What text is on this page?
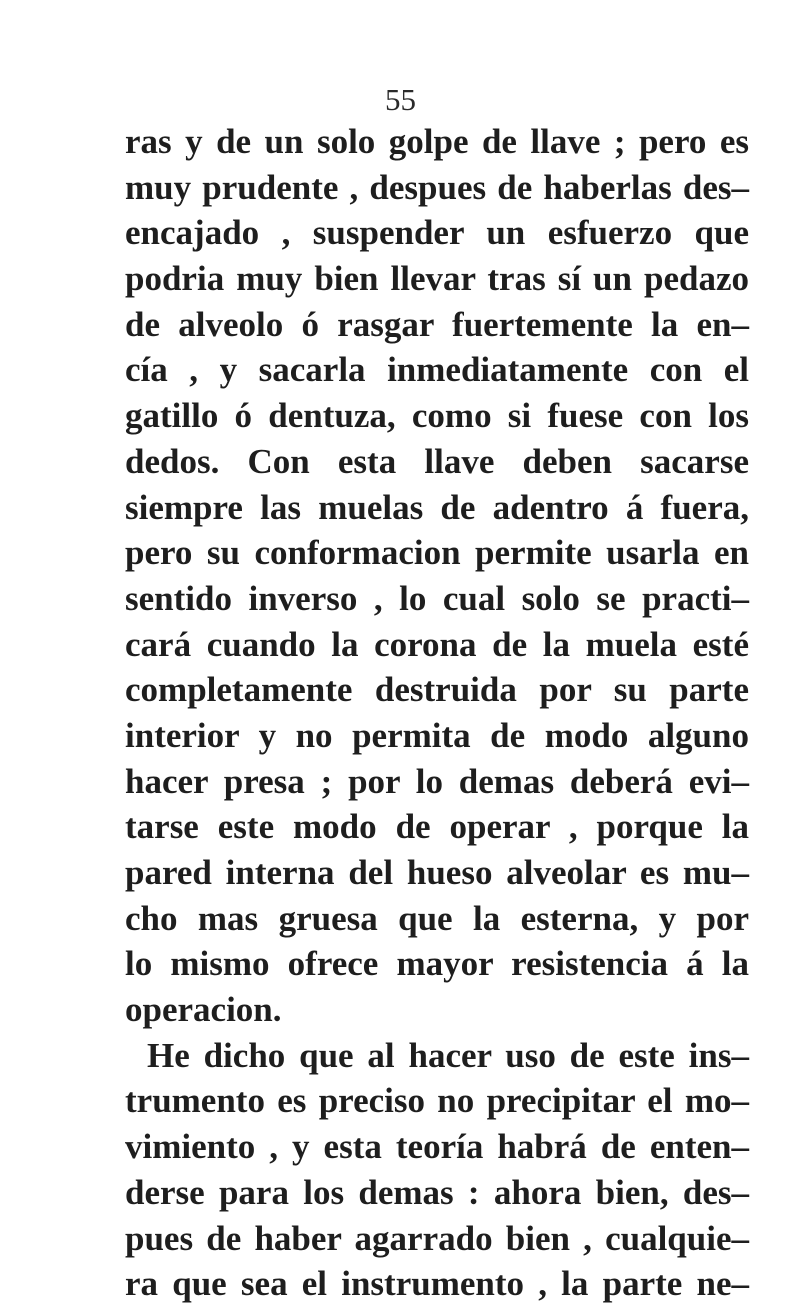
55
ras y de un solo golpe de llave ; pero es
muy prudente , despues de haberlas des–
encajado , suspender un esfuerzo que
podria muy bien llevar tras sí un pedazo
de alveolo ó rasgar fuertemente la en–
cía , y sacarla inmediatamente con el
gatillo ó dentuza, como si fuese con los
dedos. Con esta llave deben sacarse
siempre las muelas de adentro á fuera,
pero su conformacion permite usarla en
sentido inverso , lo cual solo se practi–
cará cuando la corona de la muela esté
completamente destruida por su parte
interior y no permita de modo alguno
hacer presa ; por lo demas deberá evi–
tarse este modo de operar , porque la
pared interna del hueso alveolar es mu–
cho mas gruesa que la esterna, y por
lo mismo ofrece mayor resistencia á la
operacion.
He dicho que al hacer uso de este ins–
trumento es preciso no precipitar el mo–
vimiento , y esta teoría habrá de enten–
derse para los demas : ahora bien, des–
pues de haber agarrado bien , cualquie–
ra que sea el instrumento , la parte ne–
